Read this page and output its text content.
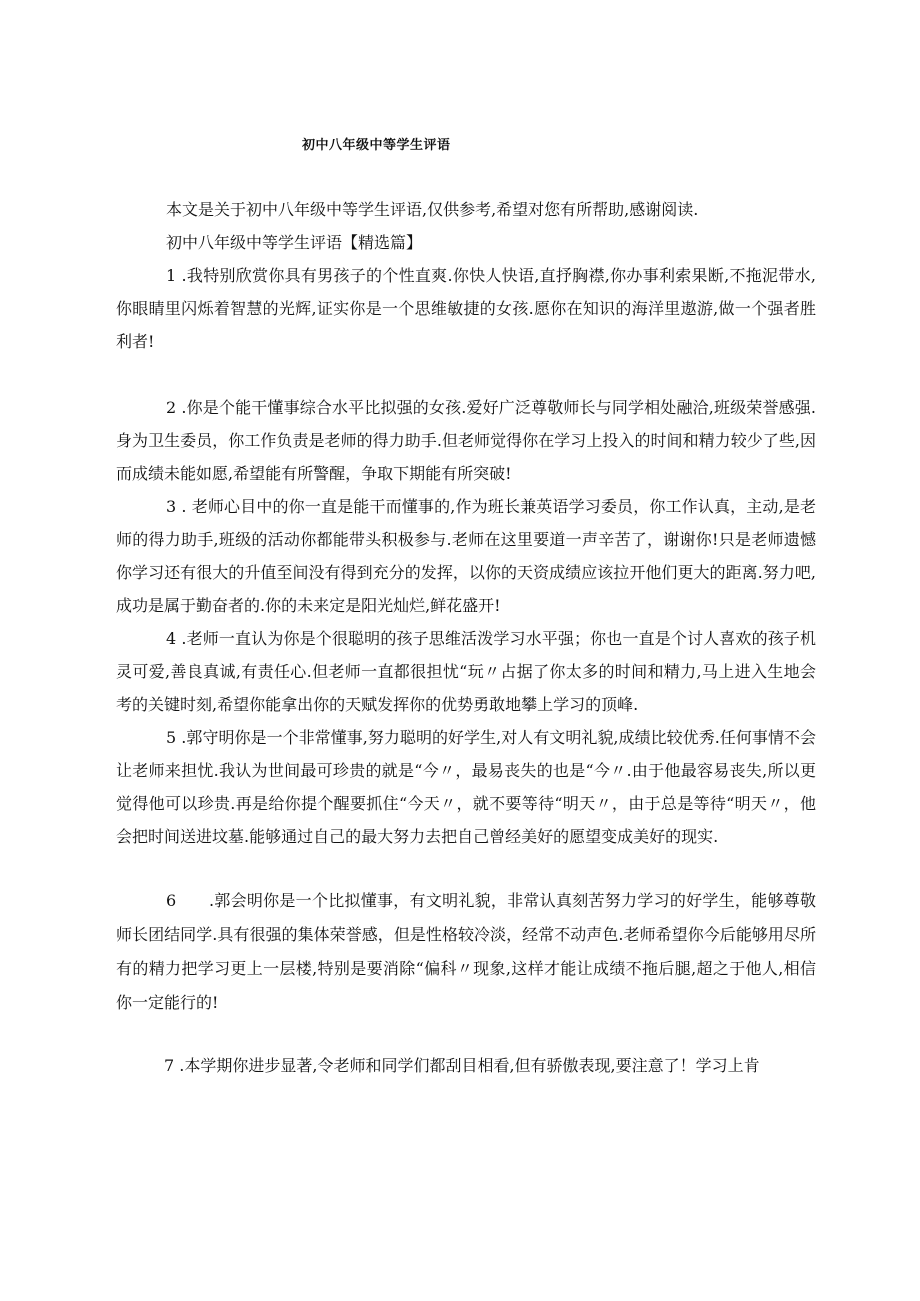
初中八年级中等学生评语

本文是关于初中八年级中等学生评语,仅供参考,希望对您有所帮助,感谢阅读.

初中八年级中等学生评语【精选篇】

1 .我特别欣赏你具有男孩子的个性直爽.你快人快语,直抒胸襟,你办事利索果断,不拖泥带水,你眼睛里闪烁着智慧的光辉,证实你是一个思维敏捷的女孩.愿你在知识的海洋里遨游,做一个强者胜利者!

2 .你是个能干懂事综合水平比拟强的女孩.爱好广泛尊敬师长与同学相处融洽,班级荣誉感强.身为卫生委员，你工作负责是老师的得力助手.但老师觉得你在学习上投入的时间和精力较少了些,因而成绩未能如愿,希望能有所警醒，争取下期能有所突破!

3 . 老师心目中的你一直是能干而懂事的,作为班长兼英语学习委员，你工作认真，主动,是老师的得力助手,班级的活动你都能带头积极参与.老师在这里要道一声辛苦了，谢谢你!只是老师遗憾你学习还有很大的升值至间没有得到充分的发挥，以你的天资成绩应该拉开他们更大的距离.努力吧,成功是属于勤奋者的.你的未来定是阳光灿烂,鲜花盛开!

4 .老师一直认为你是个很聪明的孩子思维活泼学习水平强；你也一直是个讨人喜欢的孩子机灵可爱,善良真诚,有责任心.但老师一直都很担忧“玩〃占据了你太多的时间和精力,马上进入生地会考的关键时刻,希望你能拿出你的天赋发挥你的优势勇敢地攀上学习的顶峰.

5 .郭守明你是一个非常懂事,努力聪明的好学生,对人有文明礼貌,成绩比较优秀.任何事情不会让老师来担忧.我认为世间最可珍贵的就是“今〃，最易丧失的也是“今〃.由于他最容易丧失,所以更觉得他可以珍贵.再是给你提个醒要抓住“今天〃，就不要等待“明天〃，由于总是等待“明天〃，他会把时间送进坟墓.能够通过自己的最大努力去把自己曾经美好的愿望变成美好的现实.

6　　.郭会明你是一个比拟懂事，有文明礼貌，非常认真刻苦努力学习的好学生，能够尊敬师长团结同学.具有很强的集体荣誉感，但是性格较冷淡，经常不动声色.老师希望你今后能够用尽所有的精力把学习更上一层楼,特别是要消除“偏科〃现象,这样才能让成绩不拖后腿,超之于他人,相信你一定能行的!

7 .本学期你进步显著,令老师和同学们都刮目相看,但有骄傲表现,要注意了！学习上肯
